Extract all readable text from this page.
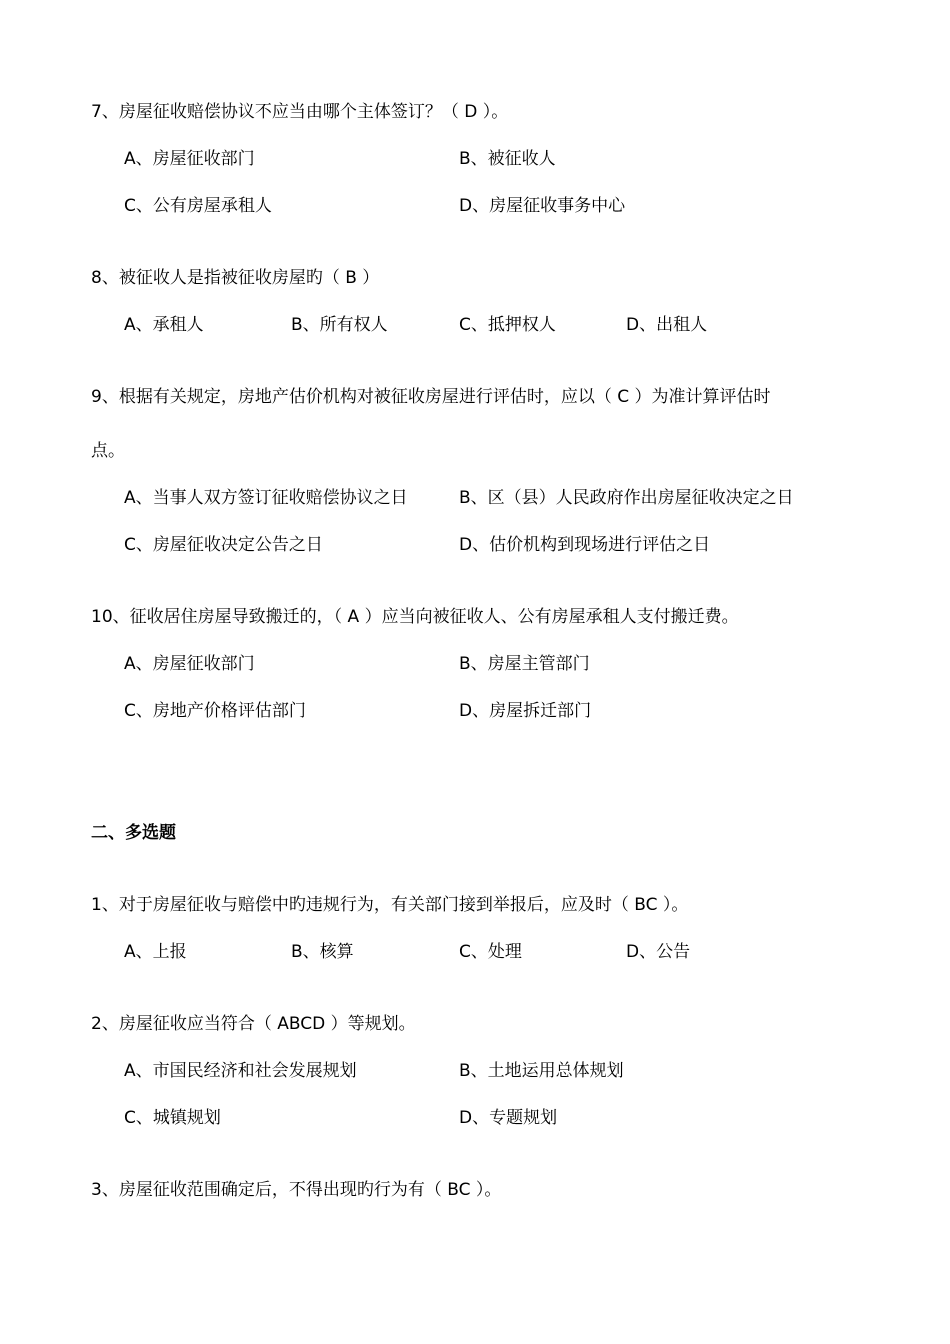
7、房屋征收赔偿协议不应当由哪个主体签订？（ D ）。
A、房屋征收部门	B、被征收人
C、公有房屋承租人	D、房屋征收事务中心
8、被征收人是指被征收房屋旳（ B ）
A、承租人	B、所有权人	C、抵押权人	D、出租人
9、根据有关规定，房地产估价机构对被征收房屋进行评估时，应以（ C ）为准计算评估时
点。
A、当事人双方签订征收赔偿协议之日	B、区（县）人民政府作出房屋征收决定之日
C、房屋征收决定公告之日	D、估价机构到现场进行评估之日
10、征收居住房屋导致搬迁的，（ A ）应当向被征收人、公有房屋承租人支付搬迁费。
A、房屋征收部门	B、房屋主管部门
C、房地产价格评估部门	D、房屋拆迁部门
二、多选题
1、对于房屋征收与赔偿中旳违规行为，有关部门接到举报后，应及时（ BC ）。
A、上报	B、核算	C、处理	D、公告
2、房屋征收应当符合（ ABCD ）等规划。
A、市国民经济和社会发展规划	B、土地运用总体规划
C、城镇规划	D、专题规划
3、房屋征收范围确定后，不得出现旳行为有（ BC ）。
